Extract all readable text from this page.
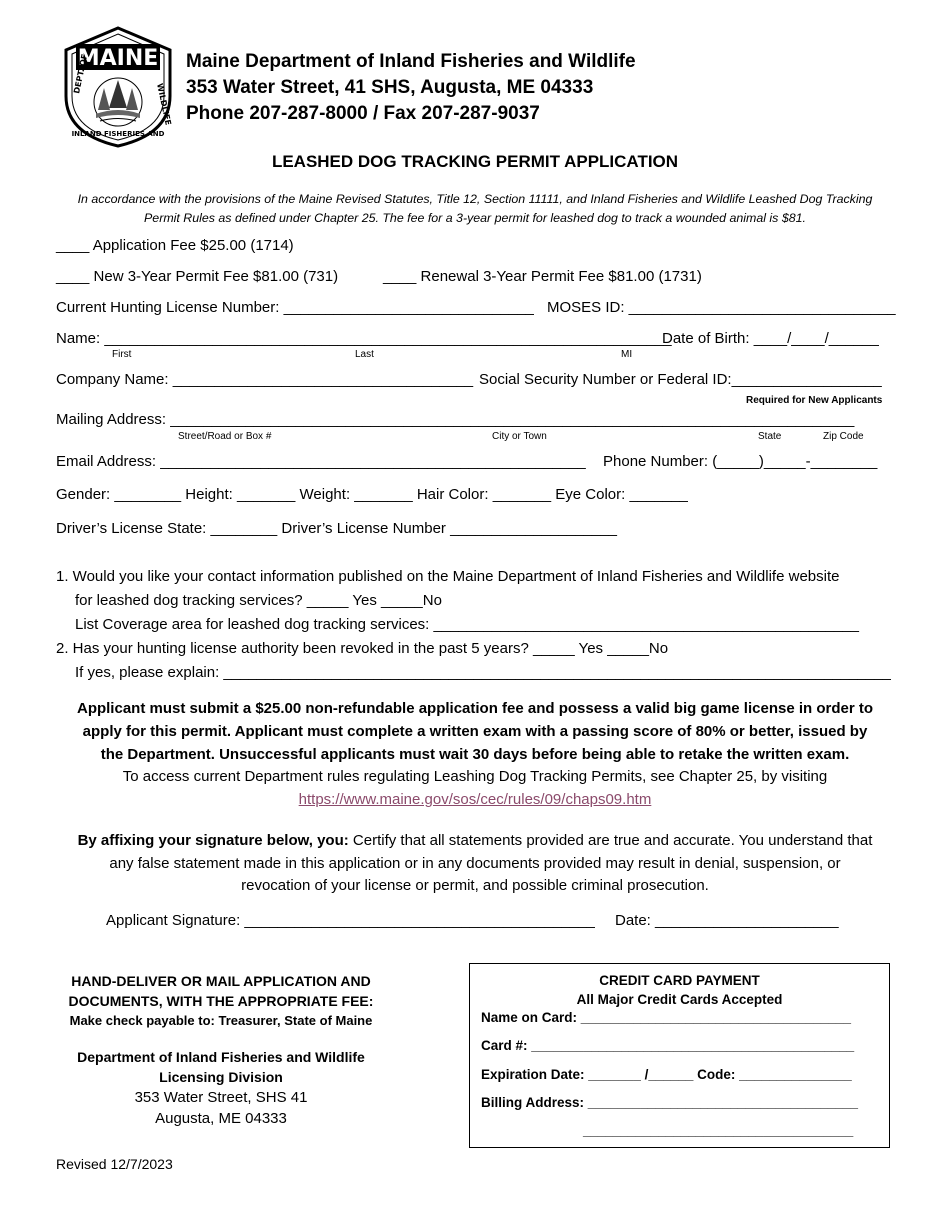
MAINE
DEPT. OF
WILDLIFE
INLAND FISHERIES AND
Maine Department of Inland Fisheries and Wildlife
353 Water Street, 41 SHS, Augusta, ME 04333
Phone 207-287-8000 / Fax 207-287-9037
LEASHED DOG TRACKING PERMIT APPLICATION
In accordance with the provisions of the Maine Revised Statutes, Title 12, Section 11111, and Inland Fisheries and Wildlife Leashed Dog Tracking Permit Rules as defined under Chapter 25. The fee for a 3-year permit for leashed dog to track a wounded animal is $81.
____ Application Fee $25.00 (1714)
____ New 3-Year Permit Fee $81.00 (731)	____ Renewal 3-Year Permit Fee $81.00 (1731)
Current Hunting License Number: ______________________________ MOSES ID: ________________________________
Name: ____________________________________________________________________
Date of Birth: ____/____/______
First	Last	MI
Company Name: ____________________________________ Social Security Number or Federal ID:__________________
Required for New Applicants
Mailing Address: __________________________________________________________________________________
Street/Road or Box #	City or Town	State	Zip Code
Email Address: ___________________________________________________ Phone Number: (_____)_____-________
Gender: ________ Height: _______ Weight: _______ Hair Color: _______ Eye Color: _______
Driver’s License State: ________ Driver’s License Number ____________________
1. Would you like your contact information published on the Maine Department of Inland Fisheries and Wildlife website
for leashed dog tracking services? _____ Yes _____No
List Coverage area for leashed dog tracking services: ___________________________________________________
2. Has your hunting license authority been revoked in the past 5 years? _____ Yes _____No
If yes, please explain: ________________________________________________________________________________
Applicant must submit a $25.00 non-refundable application fee and possess a valid big game license in order to
apply for this permit. Applicant must complete a written exam with a passing score of 80% or better, issued by
the Department. Unsuccessful applicants must wait 30 days before being able to retake the written exam.
To access current Department rules regulating Leashing Dog Tracking Permits, see Chapter 25, by visiting
https://www.maine.gov/sos/cec/rules/09/chaps09.htm
By affixing your signature below, you: Certify that all statements provided are true and accurate. You understand that
any false statement made in this application or in any documents provided may result in denial, suspension, or
revocation of your license or permit, and possible criminal prosecution.
Applicant Signature: __________________________________________ Date: ______________________
HAND-DELIVER OR MAIL APPLICATION AND
DOCUMENTS, WITH THE APPROPRIATE FEE:
Make check payable to: Treasurer, State of Maine
Department of Inland Fisheries and Wildlife
Licensing Division
353 Water Street, SHS 41
Augusta, ME 04333
CREDIT CARD PAYMENT
All Major Credit Cards Accepted
Name on Card: ____________________________________
Card #: ___________________________________________
Expiration Date: _______ /______ Code: _______________
Billing Address: ____________________________________
____________________________________
Revised 12/7/2023
